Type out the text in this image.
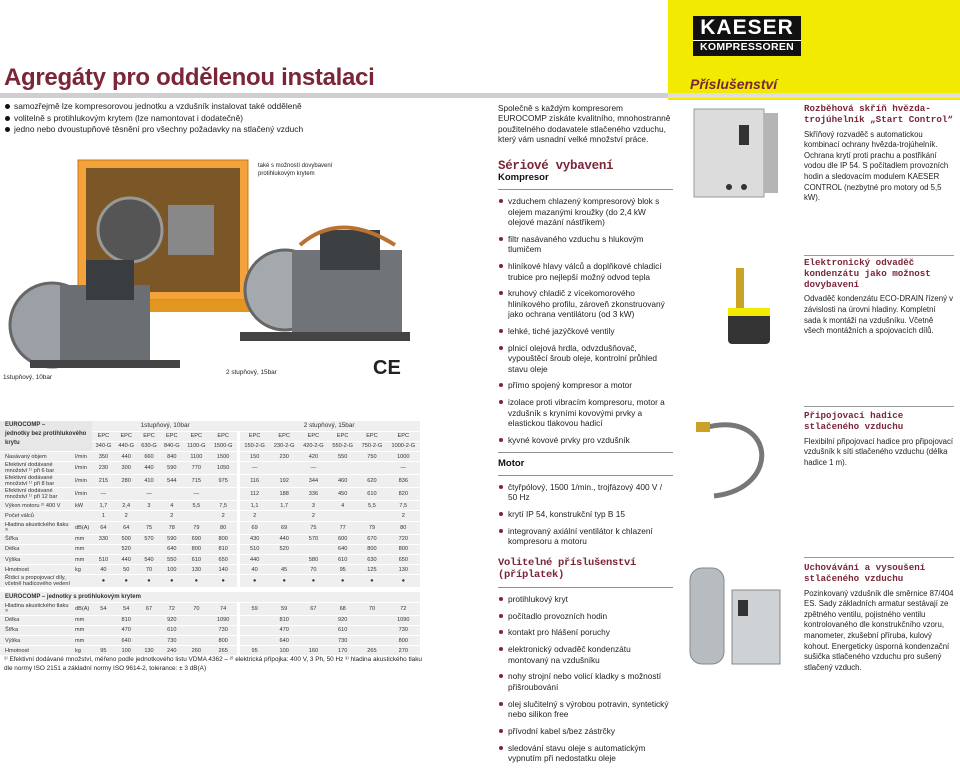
KAESER
KOMPRESSOREN
Agregáty pro oddělenou instalaci	Příslušenství
samozřejmě lze kompresorovou jednotku a vzdušník instalovat také odděleně
volitelně s protihlukovým krytem (lze namontovat i dodatečně)
jedno nebo dvoustupňové těsnění pro všechny požadavky na stlačený vzduch
také s možností dovybavení protihlukovým krytem
1stupňový, 10bar
2 stupňový, 15bar	CE
EUROCOMP –
jednotky bez protihlukového krytu		1stupňový, 10bar						2 stupňový, 15bar					
		EPC	EPC	EPC	EPC	EPC	EPC	EPC	EPC	EPC	EPC	EPC	EPC
		340-G	440-G	630-G	840-G	1100-G	1500-G	150-2-G	230-2-G	420-2-G	550-2-G	750-2-G	1000-2-G
Nasávaný objem	l/min	350	440	660	840	1100	1500	150	230	420	550	750	1000
Efektivní dodávané množství ¹⁾ při 6 bar	l/min	230	300	440	590	770	1050	—		—			—
Efektivní dodávané množství ¹⁾ při 8 bar	l/min	215	280	410	544	715	975	116	192	344	460	620	836
Efektivní dodávané množství ¹⁾ při 12 bar	l/min	—		—		—		112	188	336	450	610	820
Výkon motoru ²⁾ 400 V	kW	1,7	2,4	3	4	5,5	7,5	1,1	1,7	3	4	5,5	7,5
Počet válců		1	2		2		2	2		2			2
Hladina akustického tlaku ³⁾	dB(A)	64	64	75	78	79	80	69	69	75	77	79	80
Šířka	mm	330	500	570	590	690	800	430	440	570	600	670	720
Délka	mm		520		640	800	810	510	520		640	800	800
Výška	mm	510	440	540	550	610	650	440		580	610	630	650
Hmotnost	kg	40	50	70	100	130	140	40	45	70	95	125	130
Řídicí a propojovací díly, včetně hadicového vedení		●	●	●	●	●	●	●	●	●	●	●	●

EUROCOMP – jednotky s protihlukovým krytem													
Hladina akustického tlaku ³⁾	dB(A)	54	54	67	72	70	74	59	59	67	68	70	72
Délka	mm		810		920		1090		810		920		1090
Šířka	mm		470		610		730		470		610		730
Výška	mm		640		730		800		640		730		800
Hmotnost	kg	95	100	130	240	260	265	95	100	160	170	265	270
¹⁾ Efektivní dodávané množství, měřeno podle jednotkového listu VDMA 4362 – ²⁾ elektrická přípojka: 400 V, 3 Ph, 50 Hz ³⁾ hladina akustického tlaku dle normy ISO 2151 a základní normy ISO 9614-2, tolerance: ± 3 dB(A)

Společně s každým kompresorem EUROCOMP získáte kvalitního, mnohostranně použitelného dodavatele stlačeného vzduchu, který vám usnadní velké množství práce.

Sériové vybavení
Kompresor
vzduchem chlazený kompresorový blok s olejem mazanými kroužky (do 2,4 kW olejové mazání nástřikem)
filtr nasávaného vzduchu s hlukovým tlumičem
hliníkové hlavy válců a doplňkové chladicí trubice pro nejlepší možný odvod tepla
kruhový chladič z vícekomorového hliníkového profilu, zároveň zkonstruovaný jako ochrana ventilátoru (od 3 kW)
lehké, tiché jazýčkové ventily
plnicí olejová hrdla, odvzdušňovač, vypouštěcí šroub oleje, kontrolní průhled stavu oleje
přímo spojený kompresor a motor
izolace proti vibracím kompresoru, motor a vzdušník s kryními kovovými prvky a elastickou tlakovou hadicí
kyvné kovové prvky pro vzdušník
Motor
čtyřpólový, 1500 1/min., trojfázový 400 V / 50 Hz
krytí IP 54, konstrukční typ B 15
integrovaný axiální ventilátor k chlazení kompresoru a motoru
Volitelné příslušenství (příplatek)
protihlukový kryt
počítadlo provozních hodin
kontakt pro hlášení poruchy
elektronický odvaděč kondenzátu montovaný na vzdušníku
nohy strojní nebo volicí kladky s možností přišroubování
olej slučitelný s výrobou potravin, syntetický nebo silikon free
přívodní kabel s/bez zástrčky
sledování stavu oleje s automatickým vypnutím při nedostatku oleje
Rozběhová skříň hvězda-trojúhelník „Start Control“
Skříňový rozvaděč s automatickou kombinací ochrany hvězda-trojúhelník. Ochrana krytí proti prachu a postřikání vodou dle IP 54. S počítadlem provozních hodin a sledovacím modulem KAESER CONTROL (nezbytné pro motory od 5,5 kW).
Elektronický odvaděč kondenzátu jako možnost dovybavení
Odvaděč kondenzátu ECO-DRAIN řízený v závislosti na úrovni hladiny. Kompletní sada k montáži na vzdušníku. Včetně všech montážních a spojovacích dílů.
Připojovací hadice stlačeného vzduchu
Flexibilní připojovací hadice pro připojovací vzdušník k síti stlačeného vzduchu (délka hadice 1 m).
Uchovávání a vysoušení stlačeného vzduchu
Pozinkovaný vzdušník dle směrnice 87/404 ES. Sady základních armatur sestávají ze zpětného ventilu, pojistného ventilu kontrolovaného dle konstrukčního vzoru, manometer, zkušební příruba, kulový kohout. Energeticky úsporná kondenzační sušička stlačeného vzduchu pro sušený stlačený vzduch.
